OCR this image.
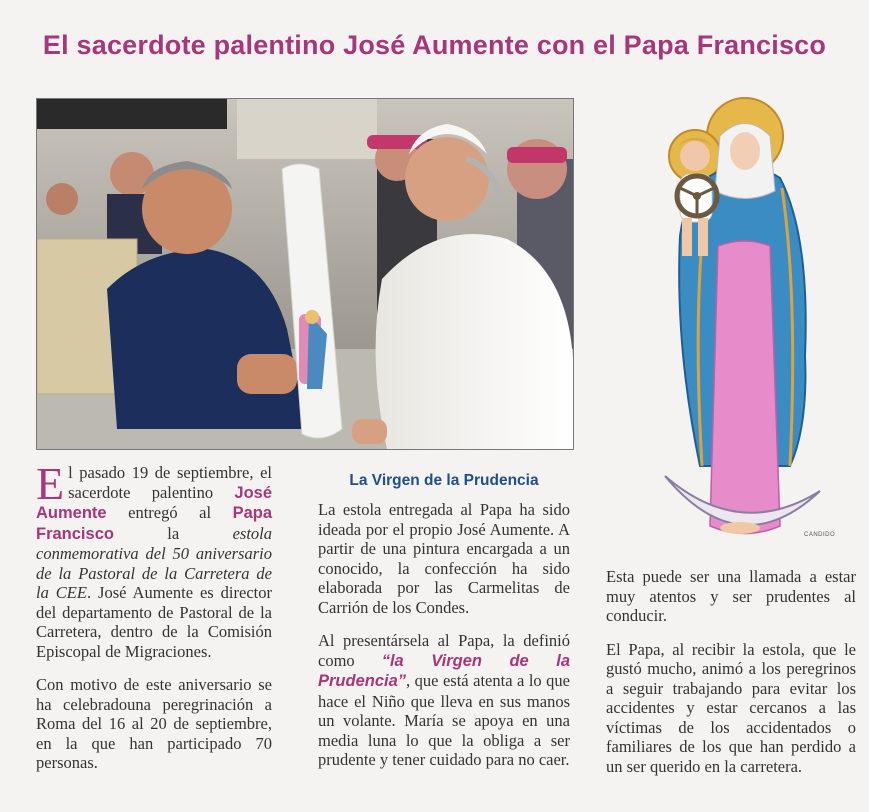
El sacerdote palentino José Aumente con el Papa Francisco

El pasado 19 de septiembre, el sacerdote palentino José Aumente entregó al Papa Francisco la estola conmemorativa del 50 aniversario de la Pastoral de la Carretera de la CEE. José Aumente es director del departamento de Pastoral de la Carretera, dentro de la Comisión Episcopal de Migraciones.

Con motivo de este aniversario se ha celebradouna peregrinación a Roma del 16 al 20 de septiembre, en la que han participado 70 personas.

La Virgen de la Prudencia

La estola entregada al Papa ha sido ideada por el propio José Aumente. A partir de una pintura encargada a un conocido, la confección ha sido elaborada por las Carmelitas de Carrión de los Condes.

Al presentársela al Papa, la definió como “la Virgen de la Prudencia”, que está atenta a lo que hace el Niño que lleva en sus manos un volante. María se apoya en una media luna lo que la obliga a ser prudente y tener cuidado para no caer.

CANDIDO

Esta puede ser una llamada a estar muy atentos y ser prudentes al conducir.

El Papa, al recibir la estola, que le gustó mucho, animó a los peregrinos a seguir trabajando para evitar los accidentes y estar cercanos a las víctimas de los accidentados o familiares de los que han perdido a un ser querido en la carretera.
